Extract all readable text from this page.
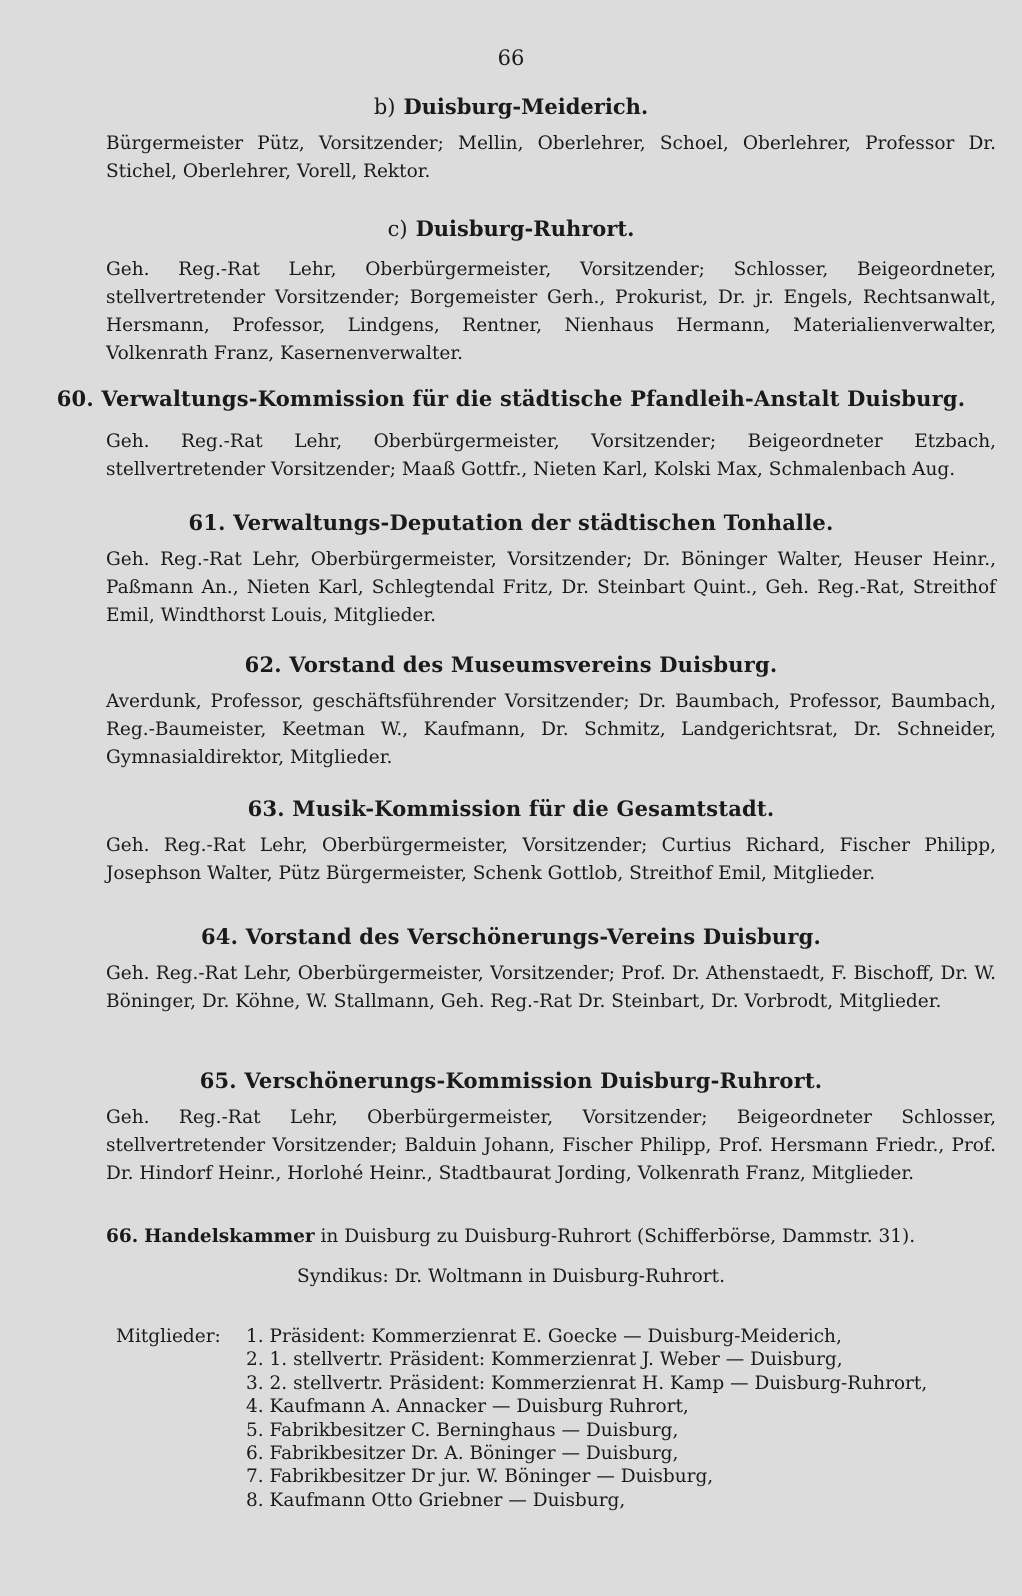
66
b) Duisburg-Meiderich.
Bürgermeister Pütz, Vorsitzender; Mellin, Oberlehrer, Schoel, Oberlehrer, Professor Dr. Stichel, Oberlehrer, Vorell, Rektor.
c) Duisburg-Ruhrort.
Geh. Reg.-Rat Lehr, Oberbürgermeister, Vorsitzender; Schlosser, Beigeordneter, stellvertretender Vorsitzender; Borgemeister Gerh., Prokurist, Dr. jr. Engels, Rechtsanwalt, Hersmann, Professor, Lindgens, Rentner, Nienhaus Hermann, Materialienverwalter, Volkenrath Franz, Kasernenverwalter.
60. Verwaltungs-Kommission für die städtische Pfandleih-Anstalt Duisburg.
Geh. Reg.-Rat Lehr, Oberbürgermeister, Vorsitzender; Beigeordneter Etzbach, stellvertretender Vorsitzender; Maaß Gottfr., Nieten Karl, Kolski Max, Schmalenbach Aug.
61. Verwaltungs-Deputation der städtischen Tonhalle.
Geh. Reg.-Rat Lehr, Oberbürgermeister, Vorsitzender; Dr. Böninger Walter, Heuser Heinr., Paßmann An., Nieten Karl, Schlegtendal Fritz, Dr. Steinbart Quint., Geh. Reg.-Rat, Streithof Emil, Windthorst Louis, Mitglieder.
62. Vorstand des Museumsvereins Duisburg.
Averdunk, Professor, geschäftsführender Vorsitzender; Dr. Baumbach, Professor, Baumbach, Reg.-Baumeister, Keetman W., Kaufmann, Dr. Schmitz, Landgerichtsrat, Dr. Schneider, Gymnasialdirektor, Mitglieder.
63. Musik-Kommission für die Gesamtstadt.
Geh. Reg.-Rat Lehr, Oberbürgermeister, Vorsitzender; Curtius Richard, Fischer Philipp, Josephson Walter, Pütz Bürgermeister, Schenk Gottlob, Streithof Emil, Mitglieder.
64. Vorstand des Verschönerungs-Vereins Duisburg.
Geh. Reg.-Rat Lehr, Oberbürgermeister, Vorsitzender; Prof. Dr. Athenstaedt, F. Bischoff, Dr. W. Böninger, Dr. Köhne, W. Stallmann, Geh. Reg.-Rat Dr. Steinbart, Dr. Vorbrodt, Mitglieder.
65. Verschönerungs-Kommission Duisburg-Ruhrort.
Geh. Reg.-Rat Lehr, Oberbürgermeister, Vorsitzender; Beigeordneter Schlosser, stellvertretender Vorsitzender; Balduin Johann, Fischer Philipp, Prof. Hersmann Friedr., Prof. Dr. Hindorf Heinr., Horlohé Heinr., Stadtbaurat Jording, Volkenrath Franz, Mitglieder.
66. Handelskammer in Duisburg zu Duisburg-Ruhrort (Schifferbörse, Dammstr. 31).
Syndikus: Dr. Woltmann in Duisburg-Ruhrort.
Mitglieder: 1. Präsident: Kommerzienrat E. Goecke — Duisburg-Meiderich,
2. 1. stellvertr. Präsident: Kommerzienrat J. Weber — Duisburg,
3. 2. stellvertr. Präsident: Kommerzienrat H. Kamp — Duisburg-Ruhrort,
4. Kaufmann A. Annacker — Duisburg Ruhrort,
5. Fabrikbesitzer C. Berninghaus — Duisburg,
6. Fabrikbesitzer Dr. A. Böninger — Duisburg,
7. Fabrikbesitzer Dr jur. W. Böninger — Duisburg,
8. Kaufmann Otto Griebner — Duisburg,
